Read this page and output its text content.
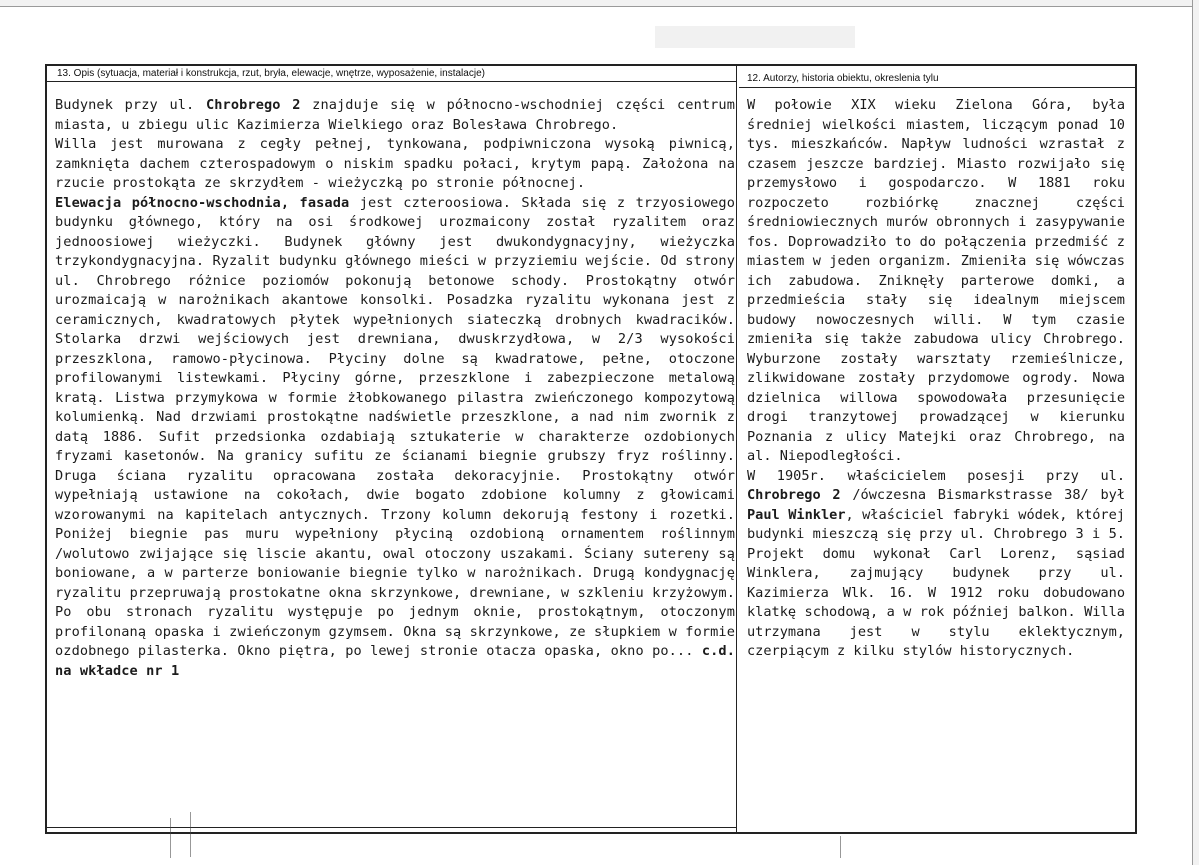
13. Opis (sytuacja, materiał i konstrukcja, rzut, bryła, elewacje, wnętrze, wyposażenie, instalacje)

Budynek przy ul. Chrobrego 2 znajduje się w północno-wschodniej części centrum miasta, u zbiegu ulic Kazimierza Wielkiego oraz Bolesława Chrobrego.

Willa jest murowana z cegły pełnej, tynkowana, podpiwniczona wysoką piwnicą, zamknięta dachem czterospadowym o niskim spadku połaci, krytym papą. Założona na rzucie prostokąta ze skrzydłem - wieżyczką po stronie północnej.

Elewacja północno-wschodnia, fasada jest czteroosiowa. Składa się z trzyosiowego budynku głównego, który na osi środkowej urozmaicony został ryzalitem oraz jednoosiowej wieżyczki. Budynek główny jest dwukondygnacyjny, wieżyczka trzykondygnacyjna. Ryzalit budynku głównego mieści w przyziemiu wejście. Od strony ul. Chrobrego różnice poziomów pokonują betonowe schody. Prostokątny otwór urozmaicają w narożnikach akantowe konsolki. Posadzka ryzalitu wykonana jest z ceramicznych, kwadratowych płytek wypełnionych siateczką drobnych kwadracików. Stolarka drzwi wejściowych jest drewniana, dwuskrzydłowa, w 2/3 wysokości przeszklona, ramowo-płycinowa. Płyciny dolne są kwadratowe, pełne, otoczone profilowanymi listewkami. Płyciny górne, przeszklone i zabezpieczone metalową kratą. Listwa przymykowa w formie żłobkowanego pilastra zwieńczonego kompozytową kolumienką. Nad drzwiami prostokątne nadświetle przeszklone, a nad nim zwornik z datą 1886. Sufit przedsionka ozdabiają sztukaterie w charakterze ozdobionych fryzami kasetonów. Na granicy sufitu ze ścianami biegnie grubszy fryz roślinny. Druga ściana ryzalitu opracowana została dekoracyjnie. Prostokątny otwór wypełniają ustawione na cokołach, dwie bogato zdobione kolumny z głowicami wzorowanymi na kapitelach antycznych. Trzony kolumn dekorują festony i rozetki. Poniżej biegnie pas muru wypełniony płyciną ozdobioną ornamentem roślinnym /wolutowo zwijające się liscie akantu, owal otoczony uszakami. Ściany sutereny są boniowane, a w parterze boniowanie biegnie tylko w narożnikach. Drugą kondygnację ryzalitu przepruwają prostokatne okna skrzynkowe, drewniane, w szkleniu krzyżowym. Po obu stronach ryzalitu występuje po jednym oknie, prostokątnym, otoczonym profilonaną opaska i zwieńczonym gzymsem. Okna są skrzynkowe, ze słupkiem w formie ozdobnego pilasterka. Okno piętra, po lewej stronie otacza opaska, okno po... c.d. na wkładce nr 1

12. Autorzy, historia obiektu, okreslenia tylu

W połowie XIX wieku Zielona Góra, była średniej wielkości miastem, liczącym ponad 10 tys. mieszkańców. Napływ ludności wzrastał z czasem jeszcze bardziej. Miasto rozwijało się przemysłowo i gospodarczo. W 1881 roku rozpoczeto rozbiórkę znacznej części średniowiecznych murów obronnych i zasypywanie fos. Doprowadziło to do połączenia przedmiść z miastem w jeden organizm. Zmieniła się wówczas ich zabudowa. Zniknęły parterowe domki, a przedmieścia stały się idealnym miejscem budowy nowoczesnych willi. W tym czasie zmieniła się także zabudowa ulicy Chrobrego. Wyburzone zostały warsztaty rzemieślnicze, zlikwidowane zostały przydomowe ogrody. Nowa dzielnica willowa spowodowała przesunięcie drogi tranzytowej prowadzącej w kierunku Poznania z ulicy Matejki oraz Chrobrego, na al. Niepodległości.

W 1905r. właścicielem posesji przy ul. Chrobrego 2 /ówczesna Bismarkstrasse 38/ był Paul Winkler, właściciel fabryki wódek, której budynki mieszczą się przy ul. Chrobrego 3 i 5. Projekt domu wykonał Carl Lorenz, sąsiad Winklera, zajmujący budynek przy ul. Kazimierza Wlk. 16. W 1912 roku dobudowano klatkę schodową, a w rok później balkon. Willa utrzymana jest w stylu eklektycznym, czerpiącym z kilku stylów historycznych.
